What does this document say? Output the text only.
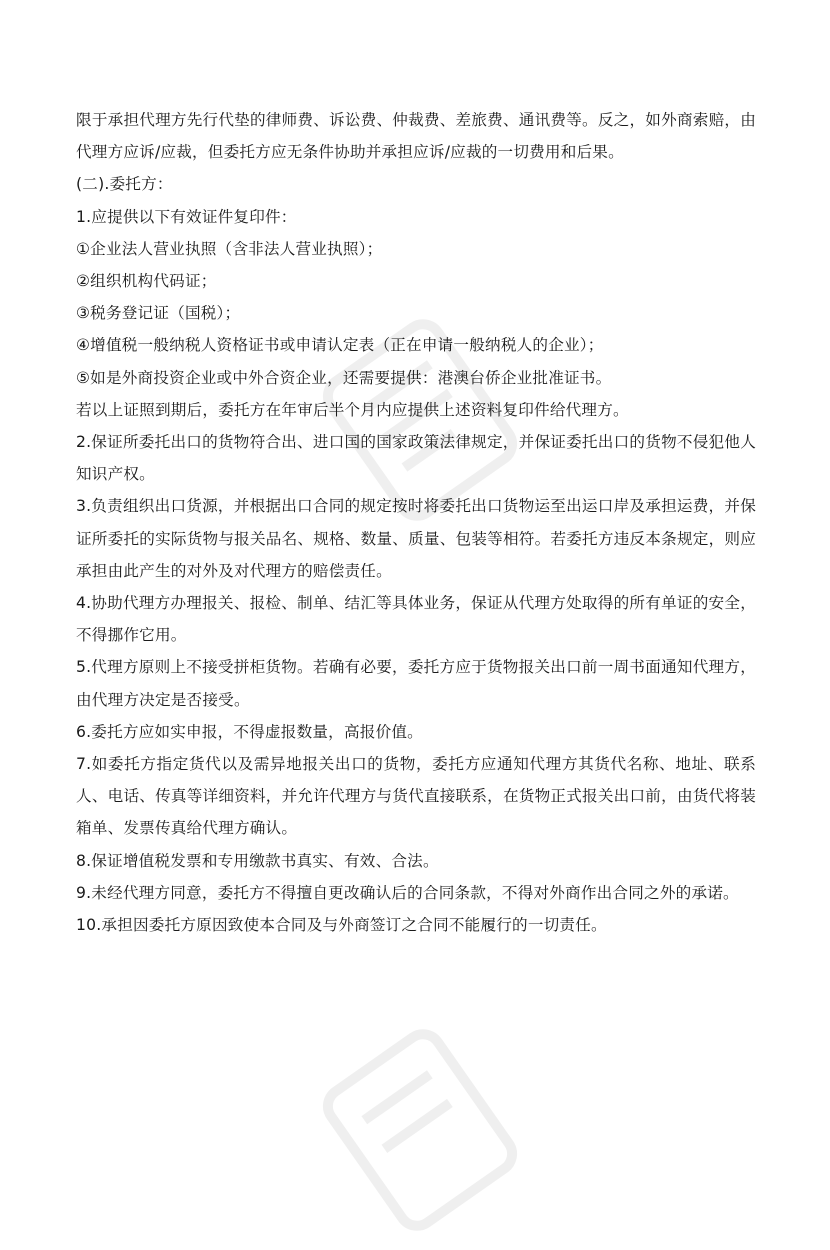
限于承担代理方先行代垫的律师费、诉讼费、仲裁费、差旅费、通讯费等。反之，如外商索赔，由代理方应诉/应裁，但委托方应无条件协助并承担应诉/应裁的一切费用和后果。

(二).委托方：

1.应提供以下有效证件复印件：

①企业法人营业执照（含非法人营业执照）；

②组织机构代码证；

③税务登记证（国税）；

④增值税一般纳税人资格证书或申请认定表（正在申请一般纳税人的企业）；

⑤如是外商投资企业或中外合资企业，还需要提供：港澳台侨企业批准证书。

若以上证照到期后，委托方在年审后半个月内应提供上述资料复印件给代理方。

2.保证所委托出口的货物符合出、进口国的国家政策法律规定，并保证委托出口的货物不侵犯他人知识产权。

3.负责组织出口货源，并根据出口合同的规定按时将委托出口货物运至出运口岸及承担运费，并保证所委托的实际货物与报关品名、规格、数量、质量、包装等相符。若委托方违反本条规定，则应承担由此产生的对外及对代理方的赔偿责任。

4.协助代理方办理报关、报检、制单、结汇等具体业务，保证从代理方处取得的所有单证的安全，不得挪作它用。

5.代理方原则上不接受拼柜货物。若确有必要，委托方应于货物报关出口前一周书面通知代理方，由代理方决定是否接受。

6.委托方应如实申报，不得虚报数量，高报价值。

7.如委托方指定货代以及需异地报关出口的货物，委托方应通知代理方其货代名称、地址、联系人、电话、传真等详细资料，并允许代理方与货代直接联系，在货物正式报关出口前，由货代将装箱单、发票传真给代理方确认。

8.保证增值税发票和专用缴款书真实、有效、合法。

9.未经代理方同意，委托方不得擅自更改确认后的合同条款，不得对外商作出合同之外的承诺。

10.承担因委托方原因致使本合同及与外商签订之合同不能履行的一切责任。
